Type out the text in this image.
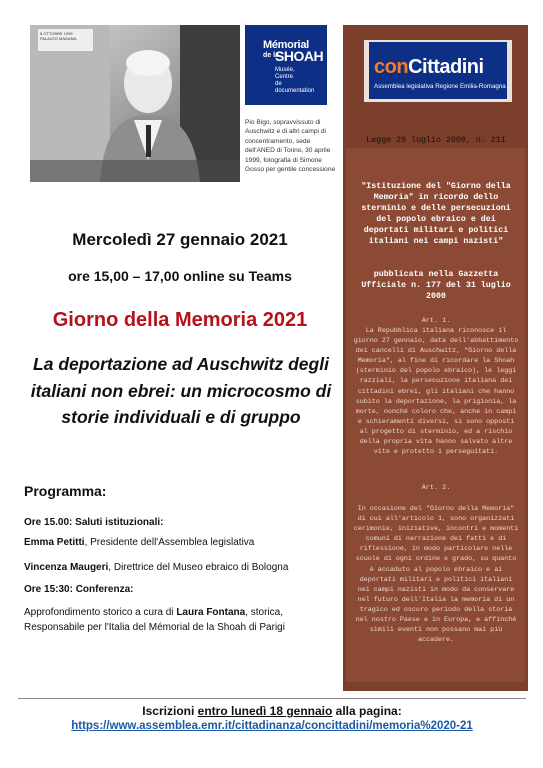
8 OTTOBRE 1995
PALAZZO MADAMA
Mémorial
de la
SHOAH
Musée,
Centre
de documentation
Pio Bigo, sopravvissuto di Auschwitz e di altri campi di concentramento, sede dell'ANED di Torino, 30 aprile 1999, fotografia di Simone Gosso per gentile concessione
conCittadini
Assemblea legislativa Regione Emilia-Romagna
Legge 20 luglio 2000, n. 211
"Istituzione del "Giorno della Memoria" in ricordo dello sterminio e delle persecuzioni del popolo ebraico e dei deportati militari e politici italiani nei campi nazisti"
pubblicata nella Gazzetta Ufficiale n. 177 del 31 luglio 2000
Art. 1.
La Repubblica italiana riconosce il giorno 27 gennaio, data dell'abbattimento dei cancelli di Auschwitz, "Giorno della Memoria", al fine di ricordare la Shoah (sterminio del popolo ebraico), le leggi razziali, la persecuzione italiana dei cittadini ebrei, gli italiani che hanno subìto la deportazione, la prigionia, la morte, nonché coloro che, anche in campi e schieramenti diversi, si sono opposti al progetto di sterminio, ed a rischio della propria vita hanno salvato altre vite e protetto i perseguitati.
Art. 2.
In occasione del "Giorno della Memoria" di cui all'articolo 1, sono organizzati cerimonie, iniziative, incontri e momenti comuni di narrazione dei fatti e di riflessione, in modo particolare nelle scuole di ogni ordine e grado, su quanto è accaduto al popolo ebraico e ai deportati militari e politici italiani nei campi nazisti in modo da conservare nel futuro dell'Italia la memoria di un tragico ed oscuro periodo della storia nel nostro Paese e in Europa, e affinché simili eventi non possano mai più accadere.
Mercoledì 27 gennaio 2021
ore 15,00 – 17,00 online su Teams
Giorno della Memoria 2021
La deportazione ad Auschwitz degli italiani non ebrei: un microcosmo di storie individuali e di gruppo
Programma:
Ore 15.00: Saluti istituzionali:
Emma Petitti, Presidente dell'Assemblea legislativa
Vincenza Maugeri, Direttrice del Museo ebraico di Bologna
Ore 15:30: Conferenza:
Approfondimento storico a cura di Laura Fontana, storica, Responsabile per l'Italia del Mémorial de la Shoah di Parigi
Iscrizioni entro lunedì 18 gennaio alla pagina:
https://www.assemblea.emr.it/cittadinanza/concittadini/memoria%2020-21
